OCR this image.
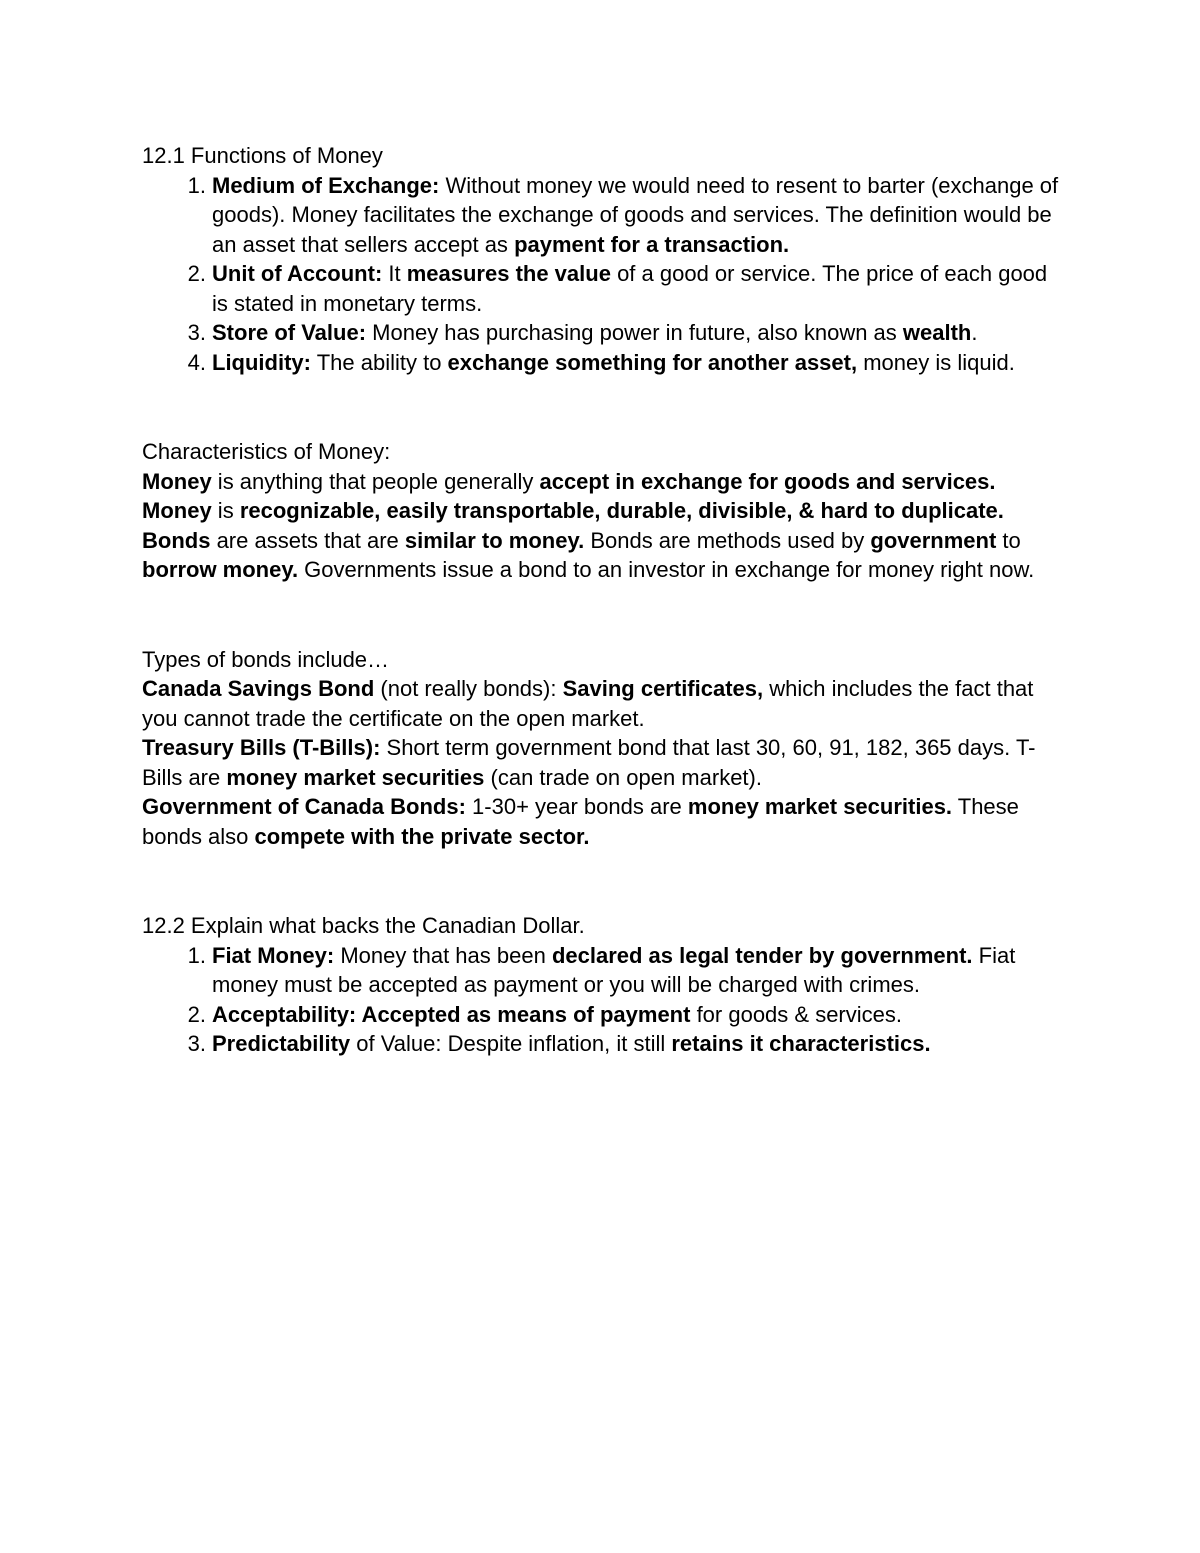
12.1 Functions of Money

1. Medium of Exchange: Without money we would need to resent to barter (exchange of goods). Money facilitates the exchange of goods and services. The definition would be an asset that sellers accept as payment for a transaction.
2. Unit of Account: It measures the value of a good or service. The price of each good is stated in monetary terms.
3. Store of Value: Money has purchasing power in future, also known as wealth.
4. Liquidity: The ability to exchange something for another asset, money is liquid.

Characteristics of Money:

Money is anything that people generally accept in exchange for goods and services.

Money is recognizable, easily transportable, durable, divisible, & hard to duplicate.

Bonds are assets that are similar to money. Bonds are methods used by government to borrow money. Governments issue a bond to an investor in exchange for money right now.

Types of bonds include…

Canada Savings Bond (not really bonds): Saving certificates, which includes the fact that you cannot trade the certificate on the open market.

Treasury Bills (T-Bills): Short term government bond that last 30, 60, 91, 182, 365 days. T-Bills are money market securities (can trade on open market).

Government of Canada Bonds: 1-30+ year bonds are money market securities. These bonds also compete with the private sector.

12.2 Explain what backs the Canadian Dollar.

1. Fiat Money: Money that has been declared as legal tender by government. Fiat money must be accepted as payment or you will be charged with crimes.
2. Acceptability: Accepted as means of payment for goods & services.
3. Predictability of Value: Despite inflation, it still retains it characteristics.
